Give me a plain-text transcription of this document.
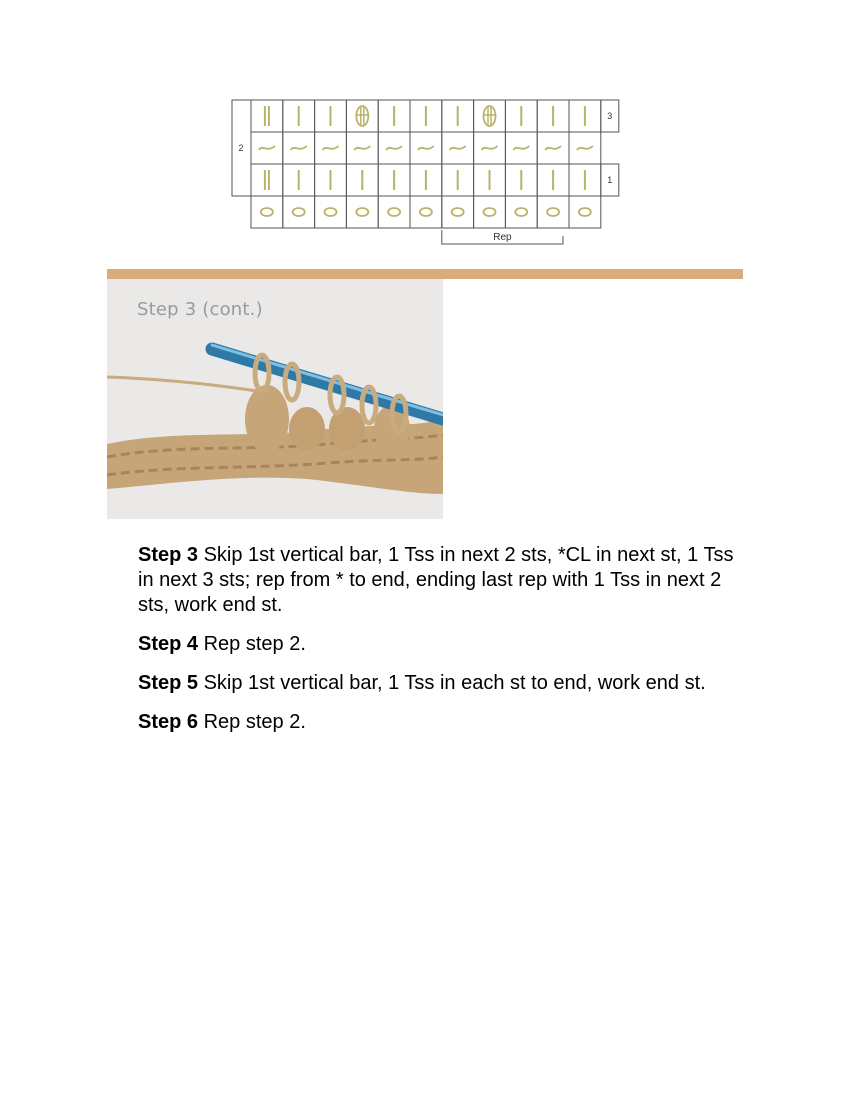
3
2
1
Rep
Step 3 (cont.)

Step 3 Skip 1st vertical bar, 1 Tss in next 2 sts, *CL in next st, 1 Tss in next 3 sts; rep from * to end, ending last rep with 1 Tss in next 2 sts, work end st.

Step 4 Rep step 2.

Step 5 Skip 1st vertical bar, 1 Tss in each st to end, work end st.

Step 6 Rep step 2.
